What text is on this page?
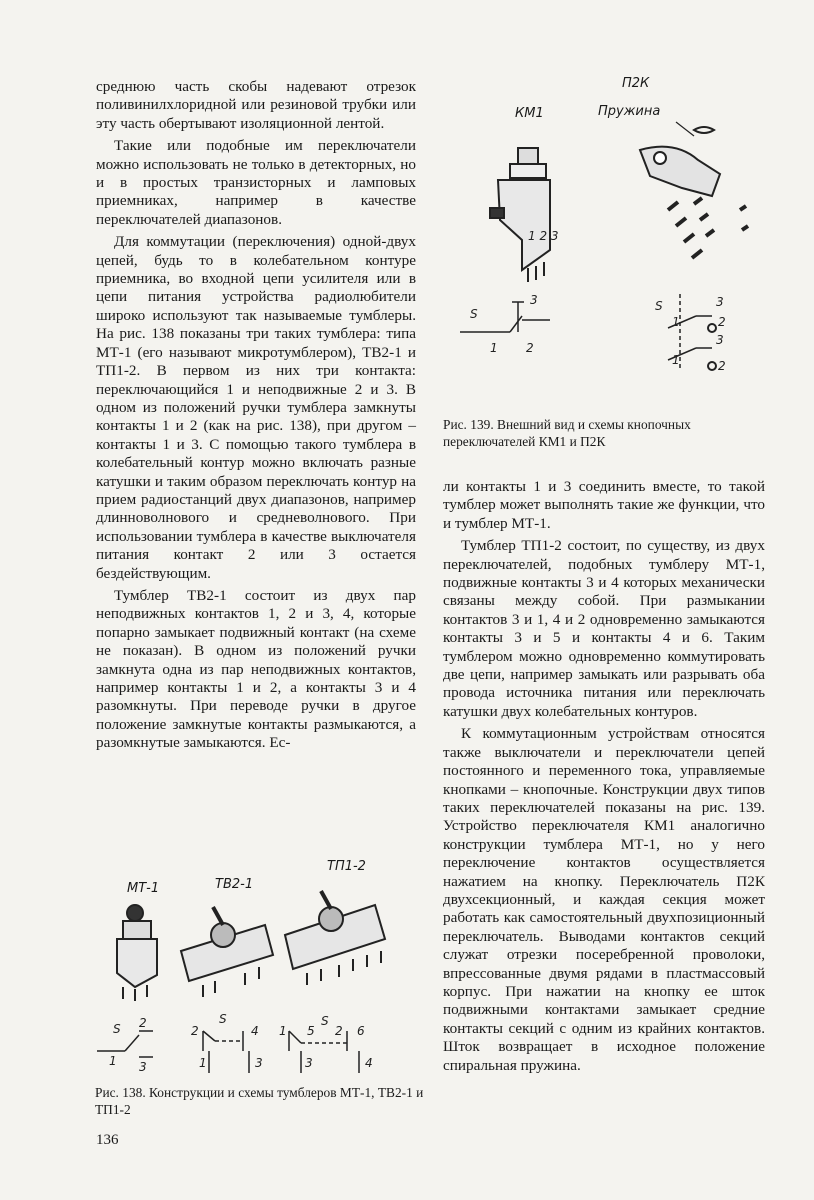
среднюю часть скобы надевают отрезок поливинилхлоридной или резиновой трубки или эту часть обертывают изоляционной лентой.

Такие или подобные им переключатели можно использовать не только в детекторных, но и в простых транзисторных и ламповых приемниках, например в качестве переключателей диапазонов.

Для коммутации (переключения) одной-двух цепей, будь то в колебательном контуре приемника, во входной цепи усилителя или в цепи питания устройства радиолюбители широко используют так называемые тумблеры. На рис. 138 показаны три таких тумблера: типа МТ-1 (его называют микротумблером), ТВ2-1 и ТП1-2. В первом из них три контакта: переключающийся 1 и неподвижные 2 и 3. В одном из положений ручки тумблера замкнуты контакты 1 и 2 (как на рис. 138), при другом – контакты 1 и 3. С помощью такого тумблера в колебательный контур можно включать разные катушки и таким образом переключать контур на прием радиостанций двух диапазонов, например длинноволнового и средневолнового. При использовании тумблера в качестве выключателя питания контакт 2 или 3 остается бездействующим.

Тумблер ТВ2-1 состоит из двух пар неподвижных контактов 1, 2 и 3, 4, которые попарно замыкает подвижный контакт (на схеме не показан). В одном из положений ручки замкнута одна из пар неподвижных контактов, например контакты 1 и 2, а контакты 3 и 4 разомкнуты. При переводе ручки в другое положение замкнутые контакты размыкаются, а разомкнутые замыкаются. Ес-

КМ1
П2К
Пружина
1 2 3
S
3
1 2
S	3
1	2
3
1	2
Рис. 139. Внешний вид и схемы кнопочных переключателей КМ1 и П2К

ли контакты 1 и 3 соединить вместе, то такой тумблер может выполнять такие же функции, что и тумблер МТ-1.

Тумблер ТП1-2 состоит, по существу, из двух переключателей, подобных тумблеру МТ-1, подвижные контакты 3 и 4 которых механически связаны между собой. При размыкании контактов 3 и 1, 4 и 2 одновременно замыкаются контакты 3 и 5 и контакты 4 и 6. Таким тумблером можно одновременно коммутировать две цепи, например замыкать или разрывать оба провода источника питания или переключать катушки двух колебательных контуров.

К коммутационным устройствам относятся также выключатели и переключатели цепей постоянного и переменного тока, управляемые кнопками – кнопочные. Конструкции двух типов таких переключателей показаны на рис. 139. Устройство переключателя КМ1 аналогично конструкции тумблера МТ-1, но у него переключение контактов осуществляется нажатием на кнопку. Переключатель П2К двухсекционный, и каждая секция может работать как самостоятельный двухпозиционный переключатель. Выводами контактов секций служат отрезки посеребренной проволоки, впрессованные двумя рядами в пластмассовый корпус. При нажатии на кнопку ее шток подвижными контактами замыкает средние контакты секций с одним из крайних контактов. Шток возвращает в исходное положение спиральная пружина.

МТ-1	ТВ2-1
ТП1-2
S 2
1 3
2
S
4
1	3
1 5
S
2 6
3	4
Рис. 138. Конструкции и схемы тумблеров МТ-1, ТВ2-1 и ТП1-2
136
